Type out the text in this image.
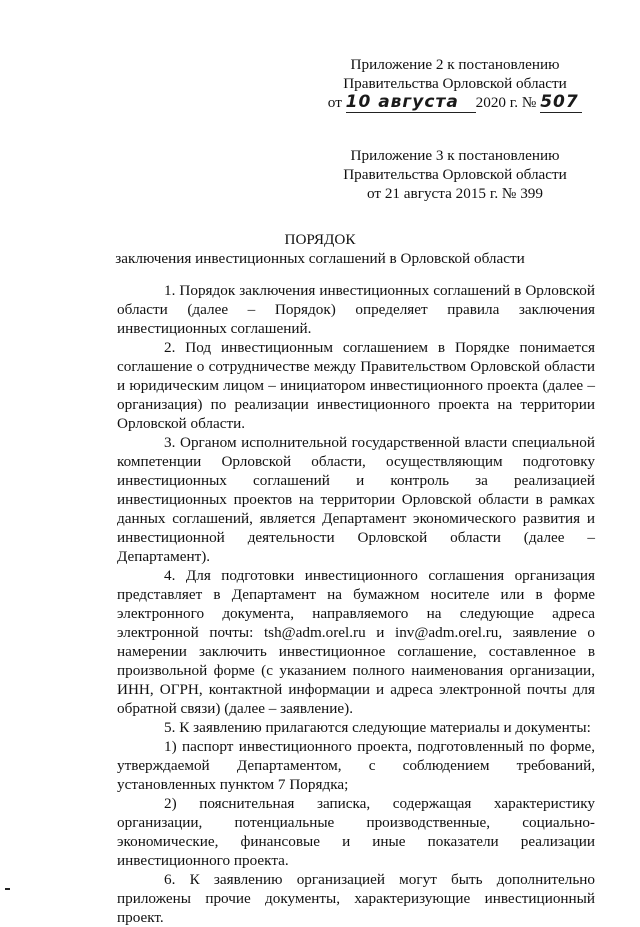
Приложение 2 к постановлению
Правительства Орловской области
от 10 августа 2020 г. № 507
Приложение 3 к постановлению
Правительства Орловской области
от 21 августа 2015 г. № 399
ПОРЯДОК
заключения инвестиционных соглашений в Орловской области

1. Порядок заключения инвестиционных соглашений в Орловской области (далее – Порядок) определяет правила заключения инвестиционных соглашений.

2. Под инвестиционным соглашением в Порядке понимается соглашение о сотрудничестве между Правительством Орловской области и юридическим лицом – инициатором инвестиционного проекта (далее – организация) по реализации инвестиционного проекта на территории Орловской области.

3. Органом исполнительной государственной власти специальной компетенции Орловской области, осуществляющим подготовку инвестиционных соглашений и контроль за реализацией инвестиционных проектов на территории Орловской области в рамках данных соглашений, является Департамент экономического развития и инвестиционной деятельности Орловской области (далее – Департамент).

4. Для подготовки инвестиционного соглашения организация представляет в Департамент на бумажном носителе или в форме электронного документа, направляемого на следующие адреса электронной почты: tsh@adm.orel.ru и inv@adm.orel.ru, заявление о намерении заключить инвестиционное соглашение, составленное в произвольной форме (с указанием полного наименования организации, ИНН, ОГРН, контактной информации и адреса электронной почты для обратной связи) (далее – заявление).

5. К заявлению прилагаются следующие материалы и документы:

1) паспорт инвестиционного проекта, подготовленный по форме, утверждаемой Департаментом, с соблюдением требований, установленных пунктом 7 Порядка;

2) пояснительная записка, содержащая характеристику организации, потенциальные производственные, социально-экономические, финансовые и иные показатели реализации инвестиционного проекта.

6. К заявлению организацией могут быть дополнительно приложены прочие документы, характеризующие инвестиционный проект.
